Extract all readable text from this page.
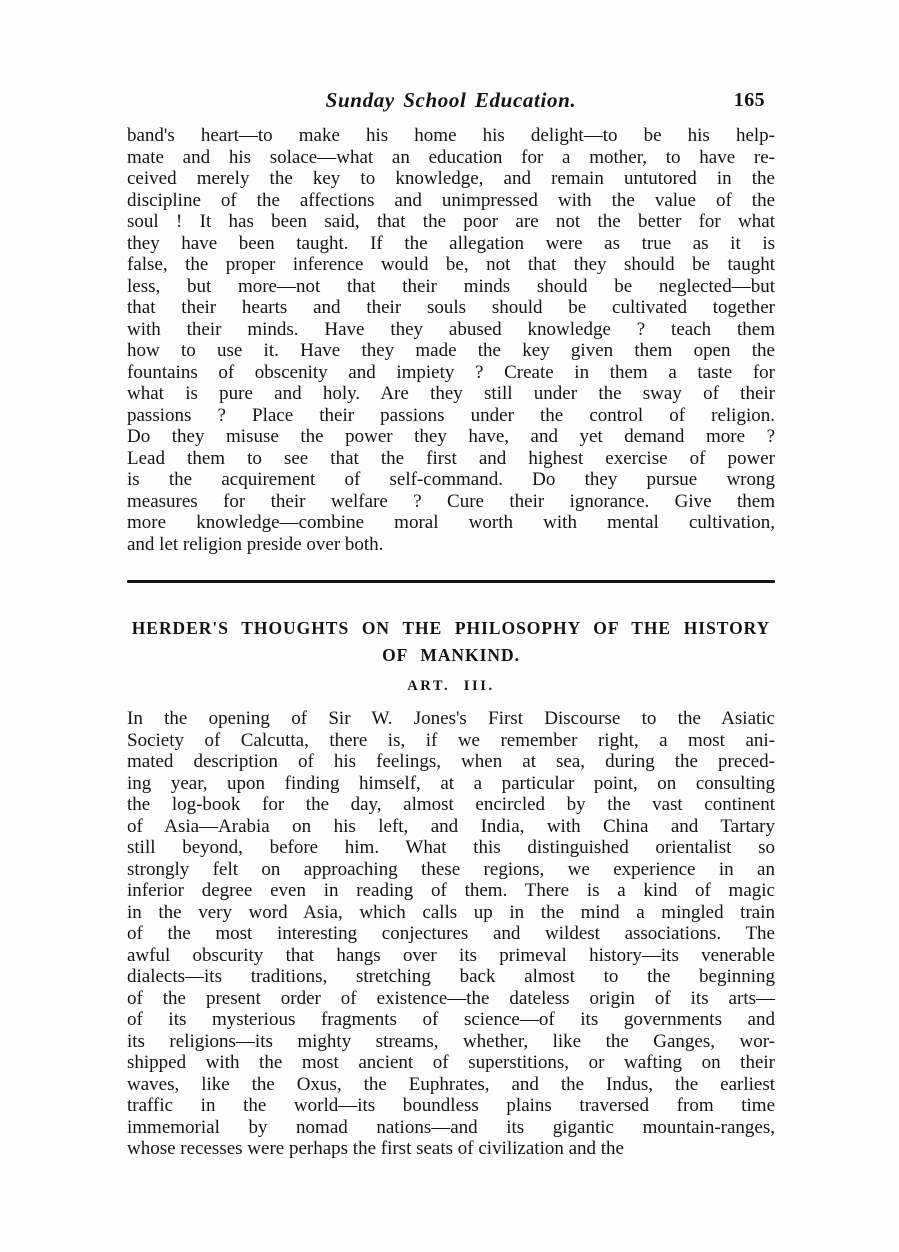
Sunday School Education.	165
band's heart—to make his home his delight—to be his help-
mate and his solace—what an education for a mother, to have re-
ceived merely the key to knowledge, and remain untutored in the
discipline of the affections and unimpressed with the value of the
soul ! It has been said, that the poor are not the better for what
they have been taught. If the allegation were as true as it is
false, the proper inference would be, not that they should be taught
less, but more—not that their minds should be neglected—but
that their hearts and their souls should be cultivated together
with their minds. Have they abused knowledge ? teach them
how to use it. Have they made the key given them open the
fountains of obscenity and impiety ? Create in them a taste for
what is pure and holy. Are they still under the sway of their
passions ? Place their passions under the control of religion.
Do they misuse the power they have, and yet demand more ?
Lead them to see that the first and highest exercise of power
is the acquirement of self-command. Do they pursue wrong
measures for their welfare ? Cure their ignorance. Give them
more knowledge—combine moral worth with mental cultivation,
and let religion preside over both.
HERDER'S THOUGHTS ON THE PHILOSOPHY OF THE HISTORY
OF MANKIND.
ART. III.
In the opening of Sir W. Jones's First Discourse to the Asiatic
Society of Calcutta, there is, if we remember right, a most ani-
mated description of his feelings, when at sea, during the preced-
ing year, upon finding himself, at a particular point, on consulting
the log-book for the day, almost encircled by the vast continent
of Asia—Arabia on his left, and India, with China and Tartary
still beyond, before him. What this distinguished orientalist so
strongly felt on approaching these regions, we experience in an
inferior degree even in reading of them. There is a kind of magic
in the very word Asia, which calls up in the mind a mingled train
of the most interesting conjectures and wildest associations. The
awful obscurity that hangs over its primeval history—its venerable
dialects—its traditions, stretching back almost to the beginning
of the present order of existence—the dateless origin of its arts—
of its mysterious fragments of science—of its governments and
its religions—its mighty streams, whether, like the Ganges, wor-
shipped with the most ancient of superstitions, or wafting on their
waves, like the Oxus, the Euphrates, and the Indus, the earliest
traffic in the world—its boundless plains traversed from time
immemorial by nomad nations—and its gigantic mountain-ranges,
whose recesses were perhaps the first seats of civilization and the
